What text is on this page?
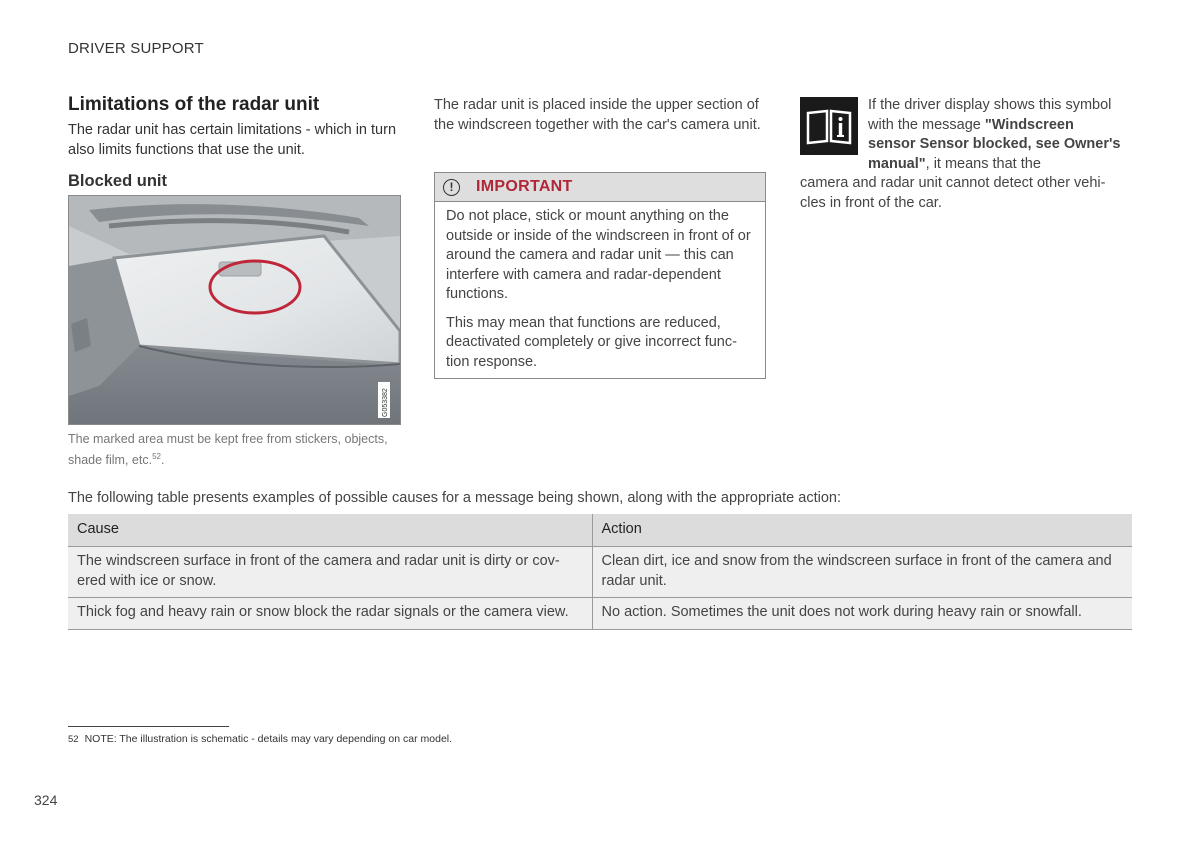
DRIVER SUPPORT
Limitations of the radar unit

The radar unit has certain limitations - which in turn also limits functions that use the unit.

Blocked unit
G053382

The marked area must be kept free from stickers, objects, shade film, etc.$^{52}$.

The radar unit is placed inside the upper section of the windscreen together with the car's camera unit.

!	IMPORTANT

Do not place, stick or mount anything on the outside or inside of the windscreen in front of or around the camera and radar unit — this can interfere with camera and radar-dependent functions.

This may mean that functions are reduced, deactivated completely or give incorrect function response.

If the driver display shows this symbol with the message "Windscreen sensor Sensor blocked, see Owner's manual", it means that the

camera and radar unit cannot detect other vehicles in front of the car.

The following table presents examples of possible causes for a message being shown, along with the appropriate action:

Cause	Action
The windscreen surface in front of the camera and radar unit is dirty or covered with ice or snow.	Clean dirt, ice and snow from the windscreen surface in front of the camera and radar unit.
Thick fog and heavy rain or snow block the radar signals or the camera view.	No action. Sometimes the unit does not work during heavy rain or snowfall.

52 NOTE: The illustration is schematic - details may vary depending on car model.

324
